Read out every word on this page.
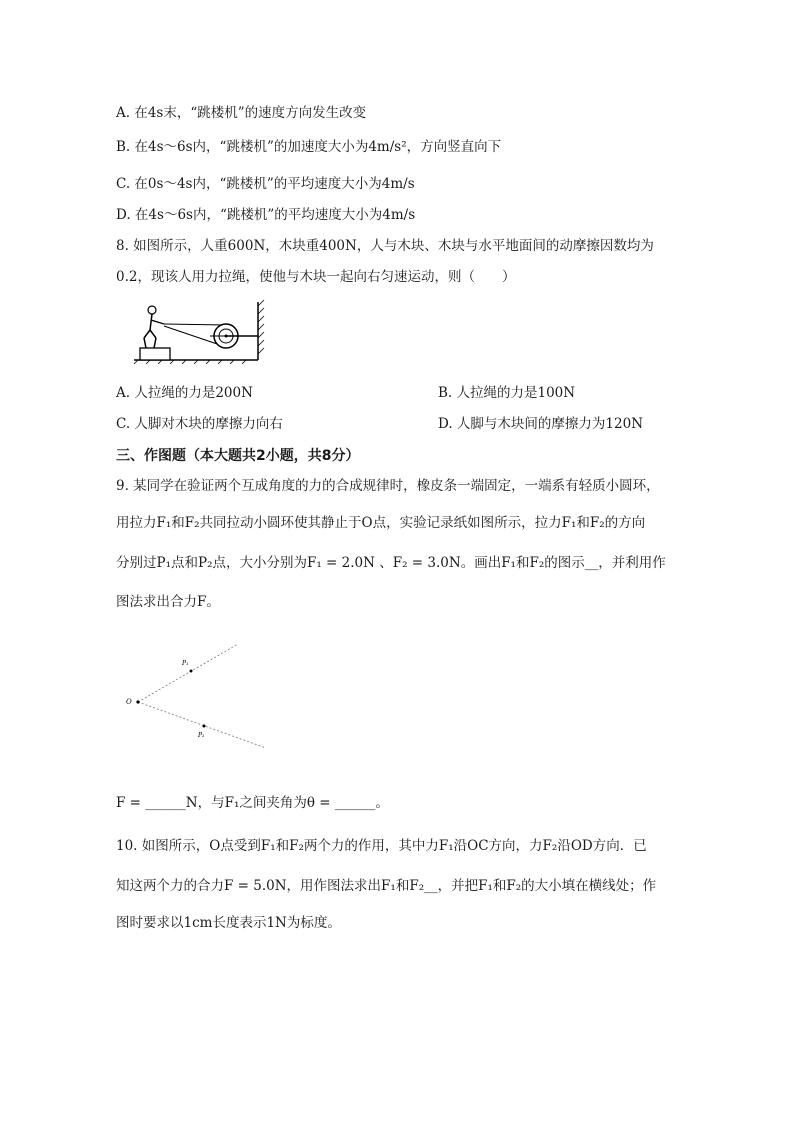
A. 在4s末，“跳楼机”的速度方向发生改变
B. 在4s～6s内，“跳楼机”的加速度大小为4m/s²，方向竖直向下
C. 在0s～4s内，“跳楼机”的平均速度大小为4m/s
D. 在4s～6s内，“跳楼机”的平均速度大小为4m/s
8. 如图所示，人重600N，木块重400N，人与木块、木块与水平地面间的动摩擦因数均为
0.2，现该人用力拉绳，使他与木块一起向右匀速运动，则（　　）
A. 人拉绳的力是200N	B. 人拉绳的力是100N
C. 人脚对木块的摩擦力向右	D. 人脚与木块间的摩擦力为120N
三、作图题（本大题共2小题，共8分）
9. 某同学在验证两个互成角度的力的合成规律时，橡皮条一端固定，一端系有轻质小圆环，
用拉力F₁和F₂共同拉动小圆环使其静止于O点，实验记录纸如图所示，拉力F₁和F₂的方向
分别过P₁点和P₂点，大小分别为F₁ = 2.0N 、F₂ = 3.0N。画出F₁和F₂的图示__，并利用作
图法求出合力F。
O
P₁
P₂
F = ______N，与F₁之间夹角为θ = ______。
10. 如图所示，O点受到F₁和F₂两个力的作用，其中力F₁沿OC方向，力F₂沿OD方向．已
知这两个力的合力F = 5.0N，用作图法求出F₁和F₂__，并把F₁和F₂的大小填在横线处；作
图时要求以1cm长度表示1N为标度。
